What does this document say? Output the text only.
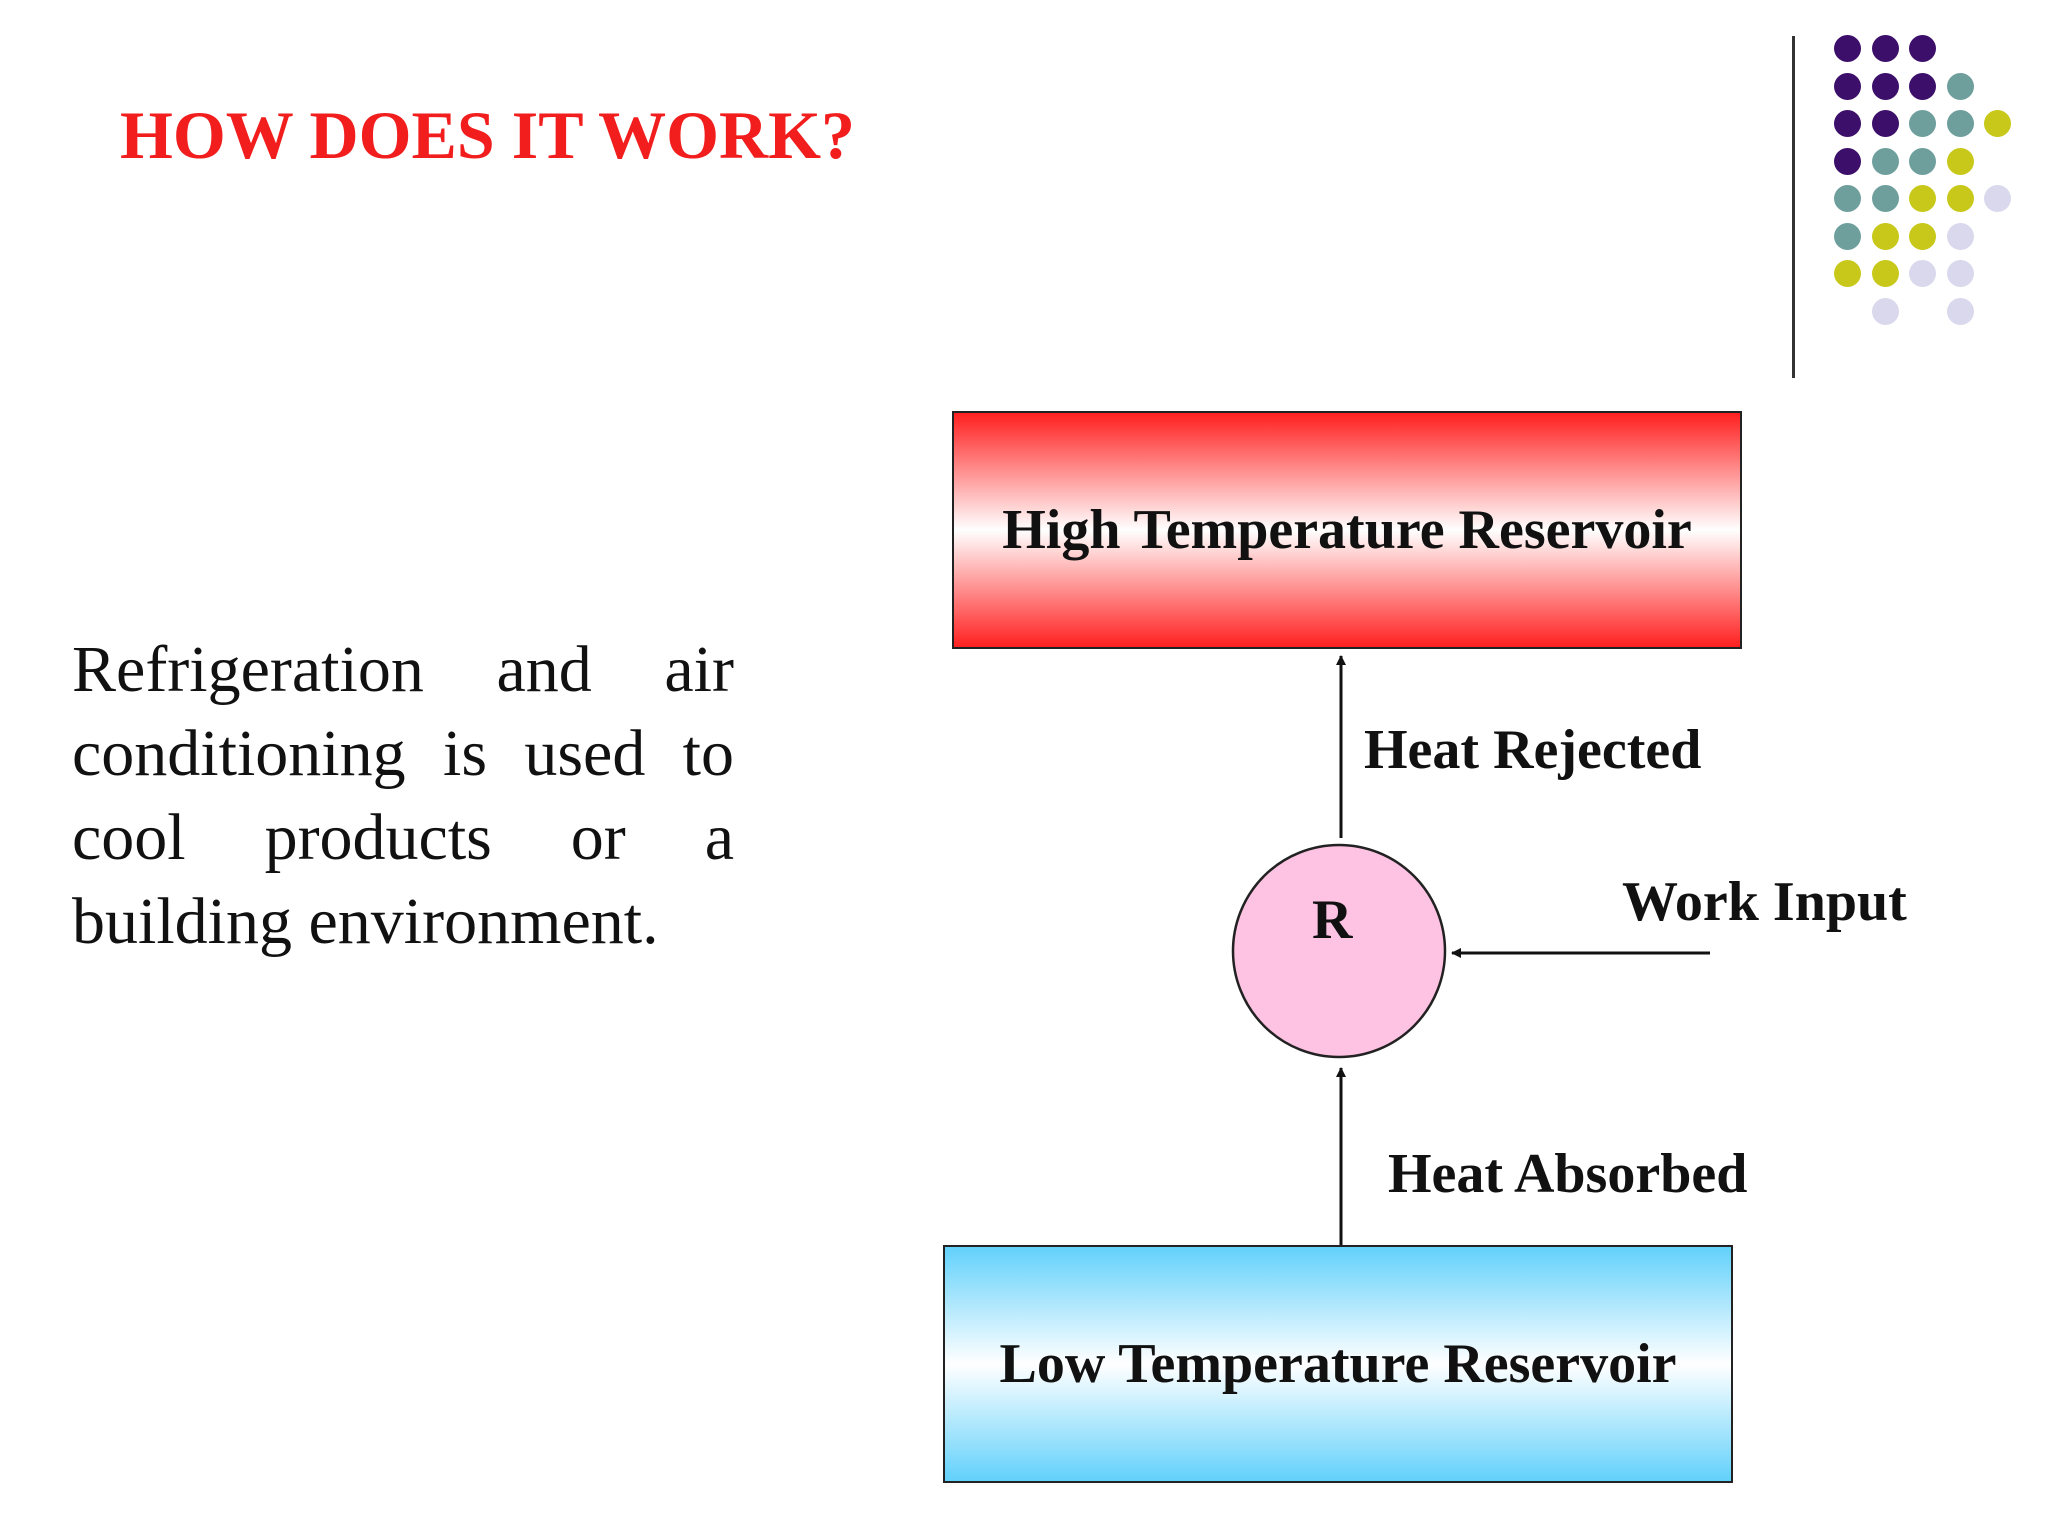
HOW DOES IT WORK?
Refrigeration and air conditioning is used to cool products or a building environment.
High Temperature Reservoir
Low Temperature Reservoir
R
Heat Rejected
Work Input
Heat Absorbed
